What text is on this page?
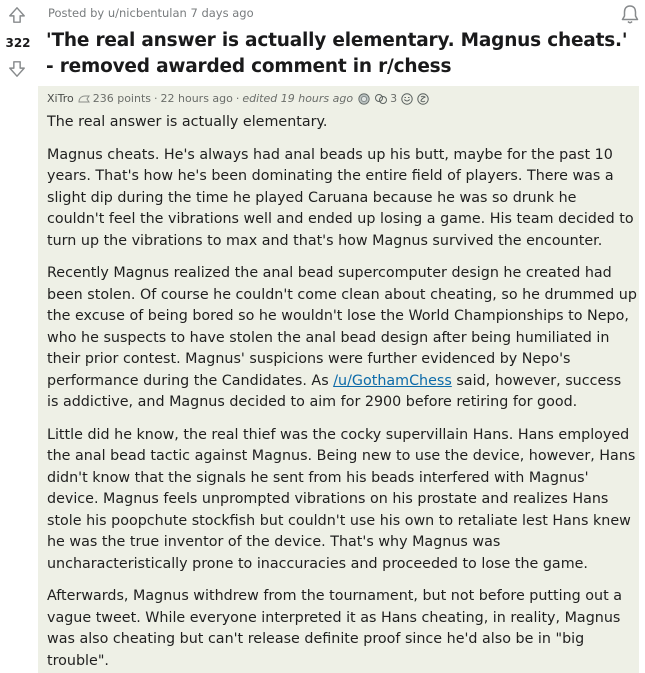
322
Posted by u/nicbentulan 7 days ago
'The real answer is actually elementary. Magnus cheats.' - removed awarded comment in r/chess
XiTro 236 points · 22 hours ago · edited 19 hours ago	3

The real answer is actually elementary.

Magnus cheats. He's always had anal beads up his butt, maybe for the past 10 years. That's how he's been dominating the entire field of players. There was a slight dip during the time he played Caruana because he was so drunk he couldn't feel the vibrations well and ended up losing a game. His team decided to turn up the vibrations to max and that's how Magnus survived the encounter.

Recently Magnus realized the anal bead supercomputer design he created had been stolen. Of course he couldn't come clean about cheating, so he drummed up the excuse of being bored so he wouldn't lose the World Championships to Nepo, who he suspects to have stolen the anal bead design after being humiliated in their prior contest. Magnus' suspicions were further evidenced by Nepo's performance during the Candidates. As /u/GothamChess said, however, success is addictive, and Magnus decided to aim for 2900 before retiring for good.

Little did he know, the real thief was the cocky supervillain Hans. Hans employed the anal bead tactic against Magnus. Being new to use the device, however, Hans didn't know that the signals he sent from his beads interfered with Magnus' device. Magnus feels unprompted vibrations on his prostate and realizes Hans stole his poopchute stockfish but couldn't use his own to retaliate lest Hans knew he was the true inventor of the device. That's why Magnus was uncharacteristically prone to inaccuracies and proceeded to lose the game.

Afterwards, Magnus withdrew from the tournament, but not before putting out a vague tweet. While everyone interpreted it as Hans cheating, in reality, Magnus was also cheating but can't release definite proof since he'd also be in "big trouble".
